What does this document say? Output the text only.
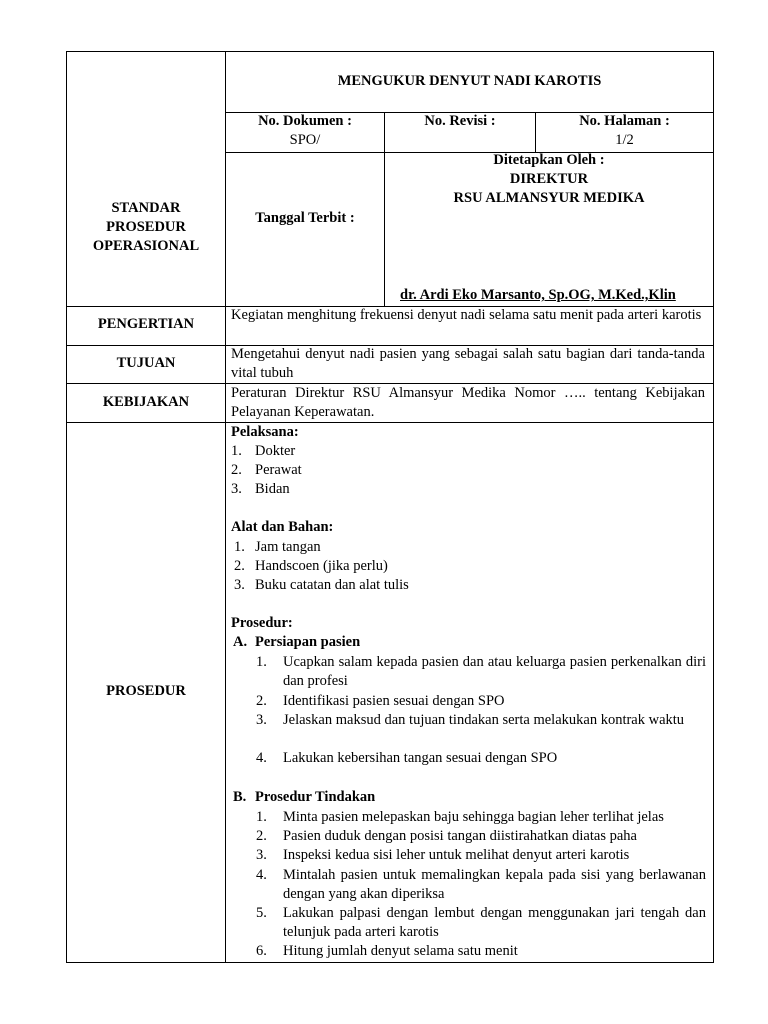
STANDAR
PROSEDUR
OPERASIONAL
MENGUKUR DENYUT NADI KAROTIS
No. Dokumen :
SPO/
No. Revisi :	No. Halaman :
1/2
Tanggal Terbit :
Ditetapkan Oleh :
DIREKTUR
RSU ALMANSYUR MEDIKA
dr. Ardi Eko Marsanto, Sp.OG, M.Ked.,Klin
PENGERTIAN
TUJUAN
KEBIJAKAN
PROSEDUR
Kegiatan menghitung frekuensi denyut nadi selama satu menit pada arteri karotis
Mengetahui denyut nadi pasien yang sebagai salah satu bagian dari tanda-tanda vital tubuh
Peraturan Direktur RSU Almansyur Medika Nomor ….. tentang Kebijakan Pelayanan Keperawatan.
Pelaksana:
1. Dokter
2. Perawat
3. Bidan
Alat dan Bahan:
1. Jam tangan
2. Handscoen (jika perlu)
3. Buku catatan dan alat tulis
Prosedur:
A. Persiapan pasien
1. Ucapkan salam kepada pasien dan atau keluarga pasien perkenalkan diri dan profesi
2. Identifikasi pasien sesuai dengan SPO
3. Jelaskan maksud dan tujuan tindakan serta melakukan kontrak waktu
4. Lakukan kebersihan tangan sesuai dengan SPO
B. Prosedur Tindakan
1. Minta pasien melepaskan baju sehingga bagian leher terlihat jelas
2. Pasien duduk dengan posisi tangan diistirahatkan diatas paha
3. Inspeksi kedua sisi leher untuk melihat denyut arteri karotis
4. Mintalah pasien untuk memalingkan kepala pada sisi yang berlawanan dengan yang akan diperiksa
5. Lakukan palpasi dengan lembut dengan menggunakan jari tengah dan telunjuk pada arteri karotis
6. Hitung jumlah denyut selama satu menit
